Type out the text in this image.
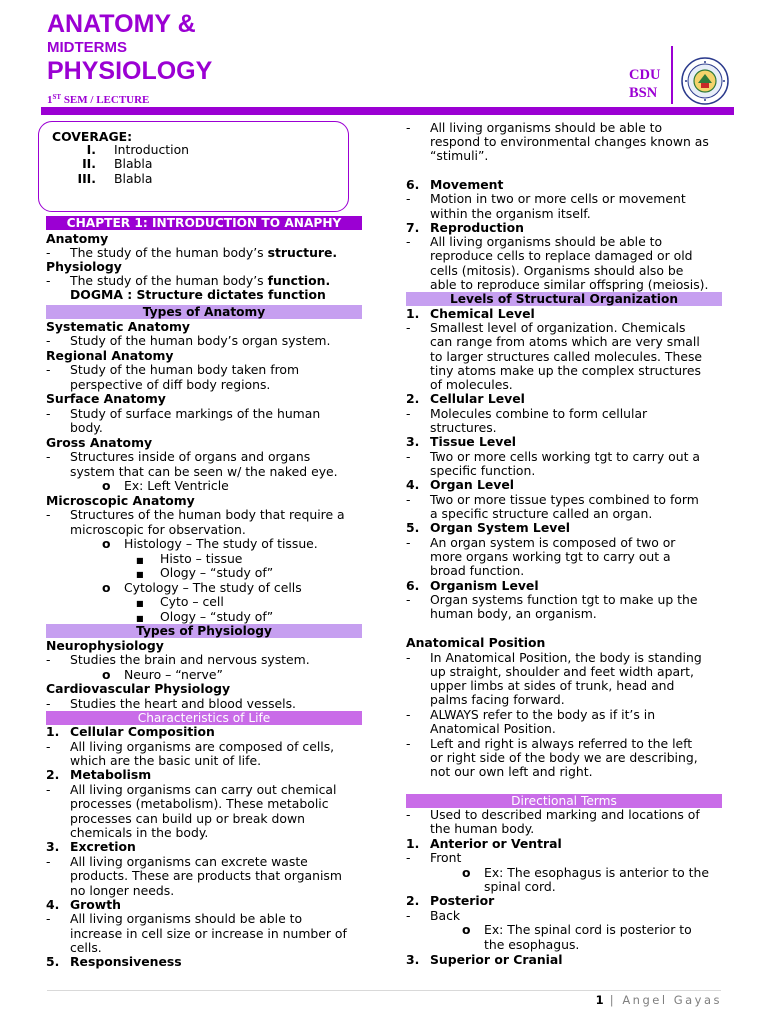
ANATOMY &
MIDTERMS
PHYSIOLOGY
1ST SEM / LECTURE
CDU
BSN
COVERAGE:
I. Introduction
II. Blabla
III. Blabla
CHAPTER 1: INTRODUCTION TO ANAPHY
Anatomy
- The study of the human body’s structure.
Physiology
- The study of the human body’s function.
DOGMA : Structure dictates function
Types of Anatomy
Systematic Anatomy
- Study of the human body’s organ system.
Regional Anatomy
- Study of the human body taken from
perspective of diff body regions.
Surface Anatomy
- Study of surface markings of the human
body.
Gross Anatomy
- Structures inside of organs and organs
system that can be seen w/ the naked eye.
o Ex: Left Ventricle
Microscopic Anatomy
- Structures of the human body that require a
microscopic for observation.
o Histology – The study of tissue.
■ Histo – tissue
■ Ology – “study of”
o Cytology – The study of cells
■ Cyto – cell
■ Ology – “study of”
Types of Physiology
Neurophysiology
- Studies the brain and nervous system.
o Neuro – “nerve”
Cardiovascular Physiology
- Studies the heart and blood vessels.
Characteristics of Life
1. Cellular Composition
- All living organisms are composed of cells,
which are the basic unit of life.
2. Metabolism
- All living organisms can carry out chemical
processes (metabolism). These metabolic
processes can build up or break down
chemicals in the body.
3. Excretion
- All living organisms can excrete waste
products. These are products that organism
no longer needs.
4. Growth
- All living organisms should be able to
increase in cell size or increase in number of
cells.
5. Responsiveness
- All living organisms should be able to
respond to environmental changes known as
“stimuli”.
6. Movement
- Motion in two or more cells or movement
within the organism itself.
7. Reproduction
- All living organisms should be able to
reproduce cells to replace damaged or old
cells (mitosis). Organisms should also be
able to reproduce similar offspring (meiosis).
Levels of Structural Organization
1. Chemical Level
- Smallest level of organization. Chemicals
can range from atoms which are very small
to larger structures called molecules. These
tiny atoms make up the complex structures
of molecules.
2. Cellular Level
- Molecules combine to form cellular
structures.
3. Tissue Level
- Two or more cells working tgt to carry out a
specific function.
4. Organ Level
- Two or more tissue types combined to form
a specific structure called an organ.
5. Organ System Level
- An organ system is composed of two or
more organs working tgt to carry out a
broad function.
6. Organism Level
- Organ systems function tgt to make up the
human body, an organism.
Anatomical Position
- In Anatomical Position, the body is standing
up straight, shoulder and feet width apart,
upper limbs at sides of trunk, head and
palms facing forward.
- ALWAYS refer to the body as if it’s in
Anatomical Position.
- Left and right is always referred to the left
or right side of the body we are describing,
not our own left and right.
Directional Terms
- Used to described marking and locations of
the human body.
1. Anterior or Ventral
- Front
o Ex: The esophagus is anterior to the
spinal cord.
2. Posterior
- Back
o Ex: The spinal cord is posterior to
the esophagus.
3. Superior or Cranial
1 | Angel Gayas
